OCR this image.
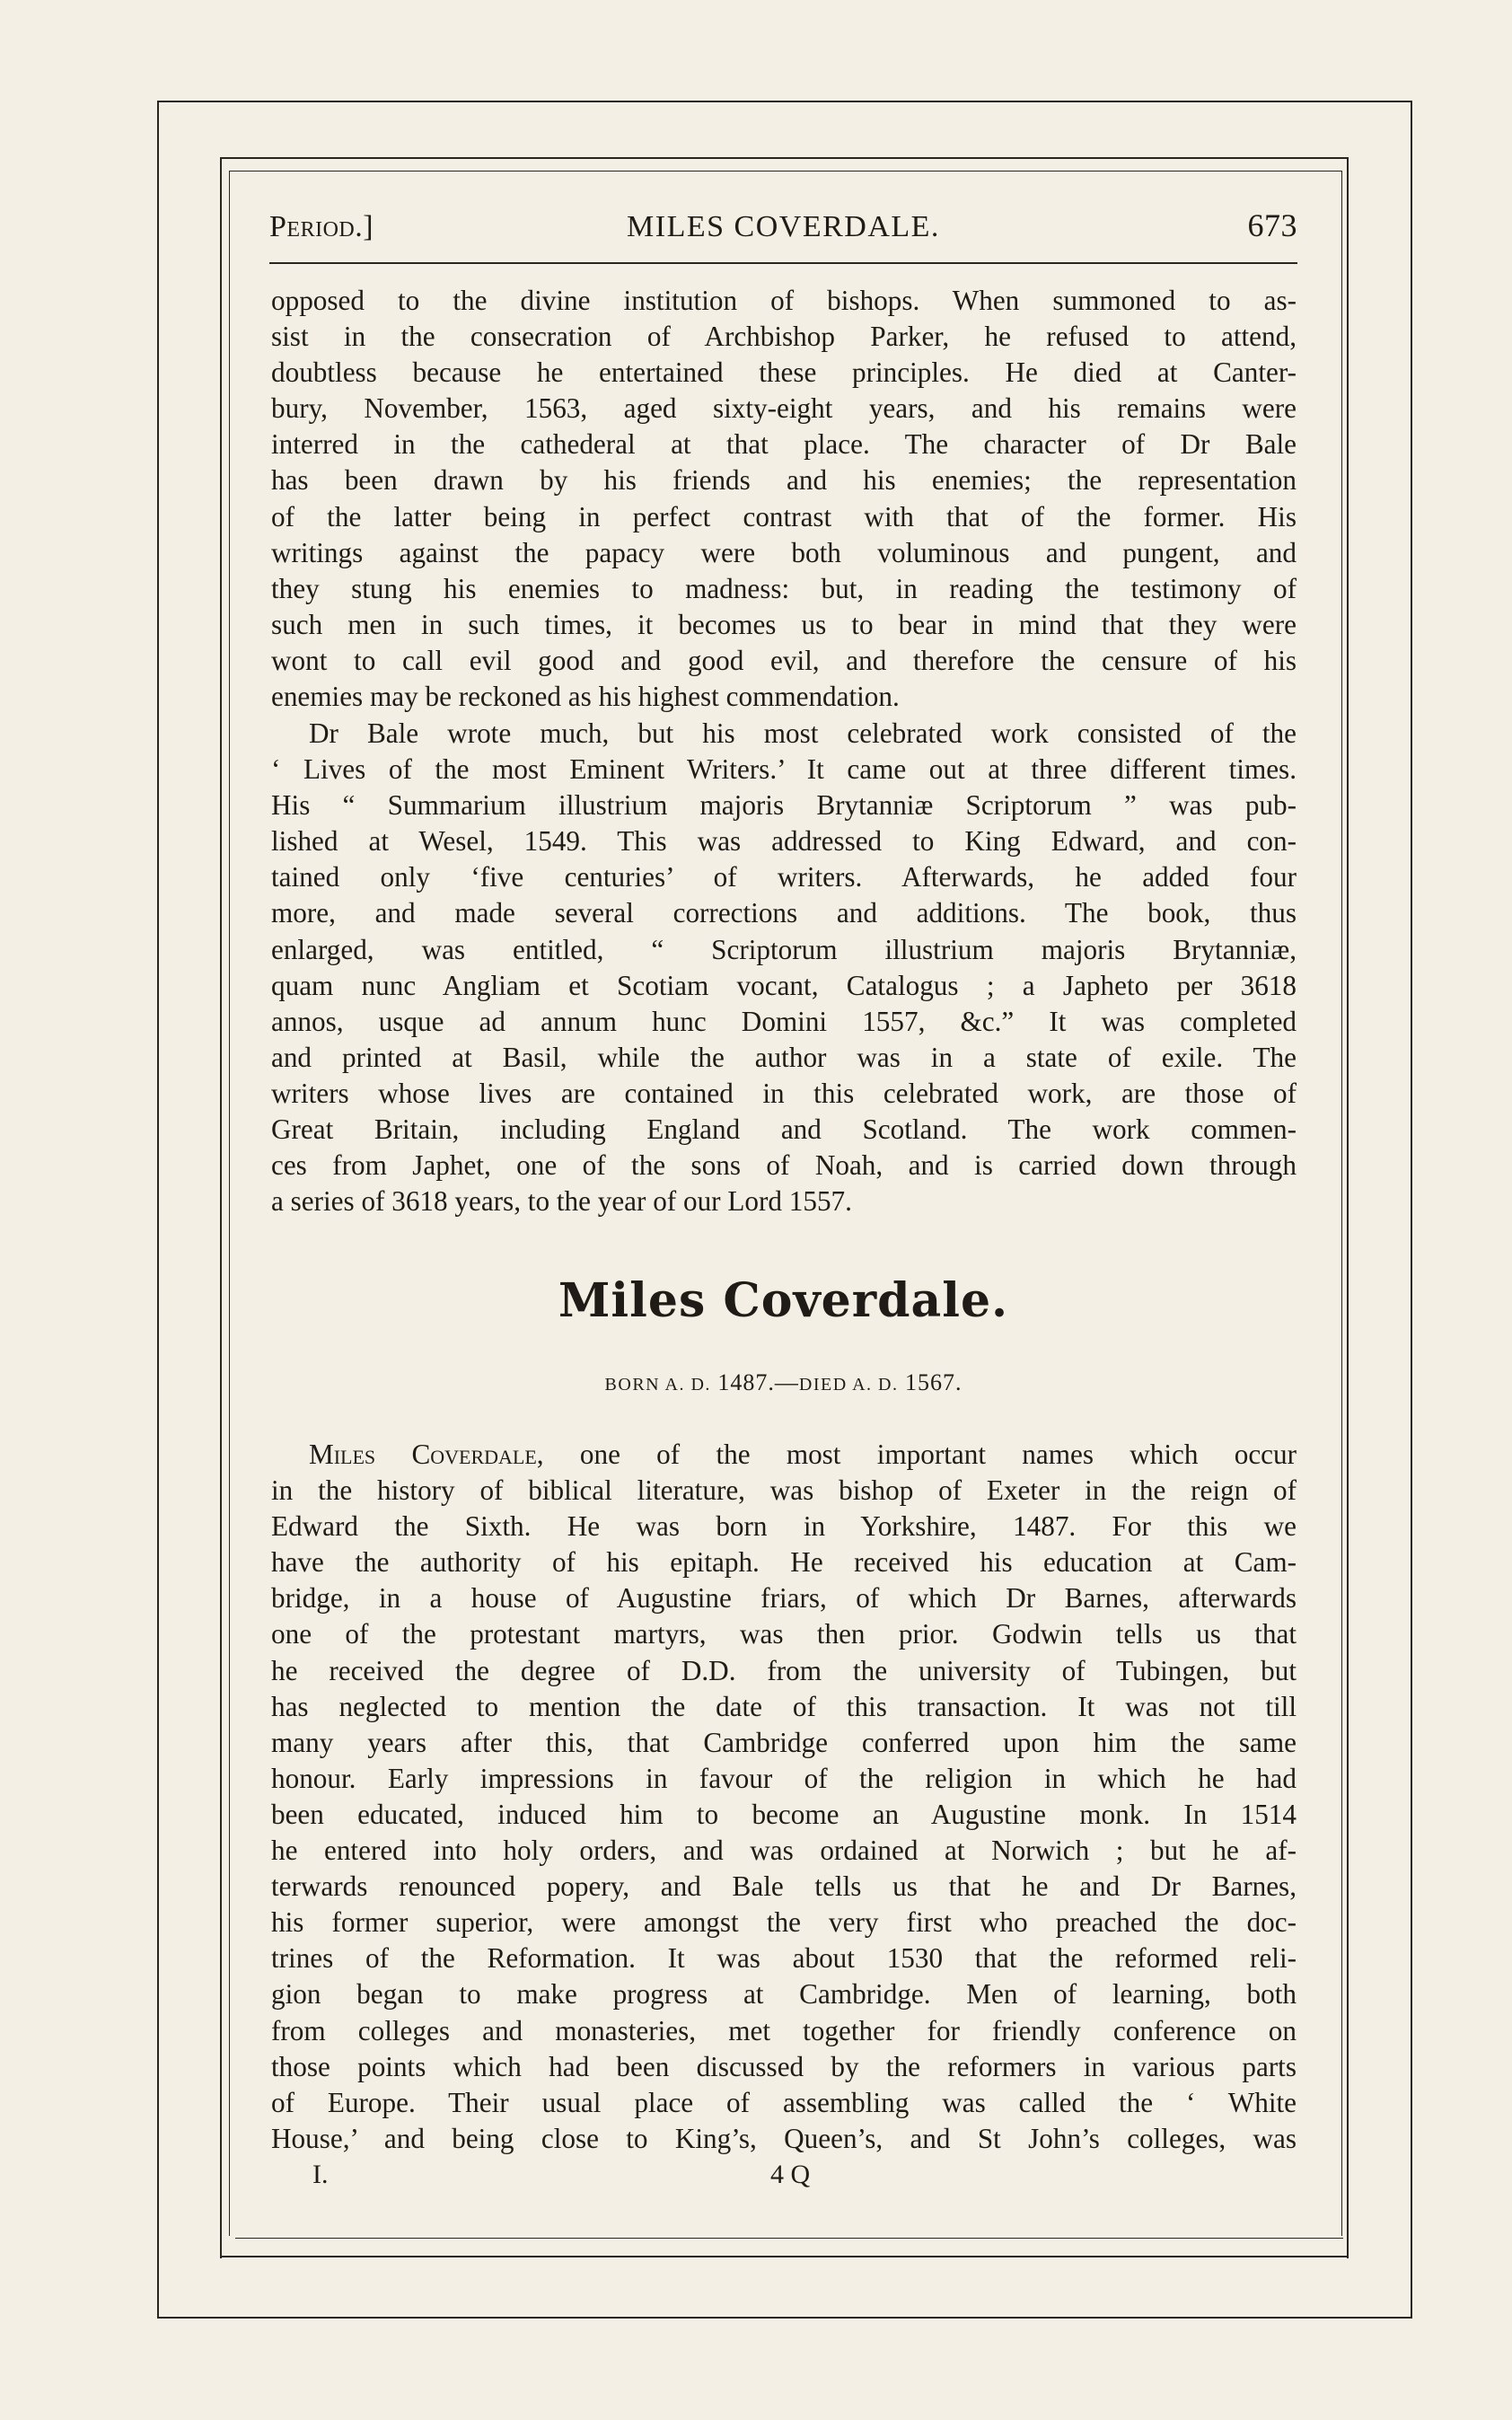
Period.]	MILES COVERDALE.	673

opposed to the divine institution of bishops. When summoned to as-
sist in the consecration of Archbishop Parker, he refused to attend,
doubtless because he entertained these principles. He died at Canter-
bury, November, 1563, aged sixty-eight years, and his remains were
interred in the cathederal at that place. The character of Dr Bale
has been drawn by his friends and his enemies; the representation
of the latter being in perfect contrast with that of the former. His
writings against the papacy were both voluminous and pungent, and
they stung his enemies to madness: but, in reading the testimony of
such men in such times, it becomes us to bear in mind that they were
wont to call evil good and good evil, and therefore the censure of his
enemies may be reckoned as his highest commendation.

Dr Bale wrote much, but his most celebrated work consisted of the
‘ Lives of the most Eminent Writers.’ It came out at three different times.
His “ Summarium illustrium majoris Brytanniæ Scriptorum ” was pub-
lished at Wesel, 1549. This was addressed to King Edward, and con-
tained only ‘five centuries’ of writers. Afterwards, he added four
more, and made several corrections and additions. The book, thus
enlarged, was entitled, “ Scriptorum illustrium majoris Brytanniæ,
quam nunc Angliam et Scotiam vocant, Catalogus ; a Japheto per 3618
annos, usque ad annum hunc Domini 1557, &c.” It was completed
and printed at Basil, while the author was in a state of exile. The
writers whose lives are contained in this celebrated work, are those of
Great Britain, including England and Scotland. The work commen-
ces from Japhet, one of the sons of Noah, and is carried down through
a series of 3618 years, to the year of our Lord 1557.

Miles Coverdale.
BORN A. D. 1487.—DIED A. D. 1567.

Miles Coverdale, one of the most important names which occur
in the history of biblical literature, was bishop of Exeter in the reign of
Edward the Sixth. He was born in Yorkshire, 1487. For this we
have the authority of his epitaph. He received his education at Cam-
bridge, in a house of Augustine friars, of which Dr Barnes, afterwards
one of the protestant martyrs, was then prior. Godwin tells us that
he received the degree of D.D. from the university of Tubingen, but
has neglected to mention the date of this transaction. It was not till
many years after this, that Cambridge conferred upon him the same
honour. Early impressions in favour of the religion in which he had
been educated, induced him to become an Augustine monk. In 1514
he entered into holy orders, and was ordained at Norwich ; but he af-
terwards renounced popery, and Bale tells us that he and Dr Barnes,
his former superior, were amongst the very first who preached the doc-
trines of the Reformation. It was about 1530 that the reformed reli-
gion began to make progress at Cambridge. Men of learning, both
from colleges and monasteries, met together for friendly conference on
those points which had been discussed by the reformers in various parts
of Europe. Their usual place of assembling was called the ‘ White
House,’ and being close to King’s, Queen’s, and St John’s colleges, was

I.	4 Q
